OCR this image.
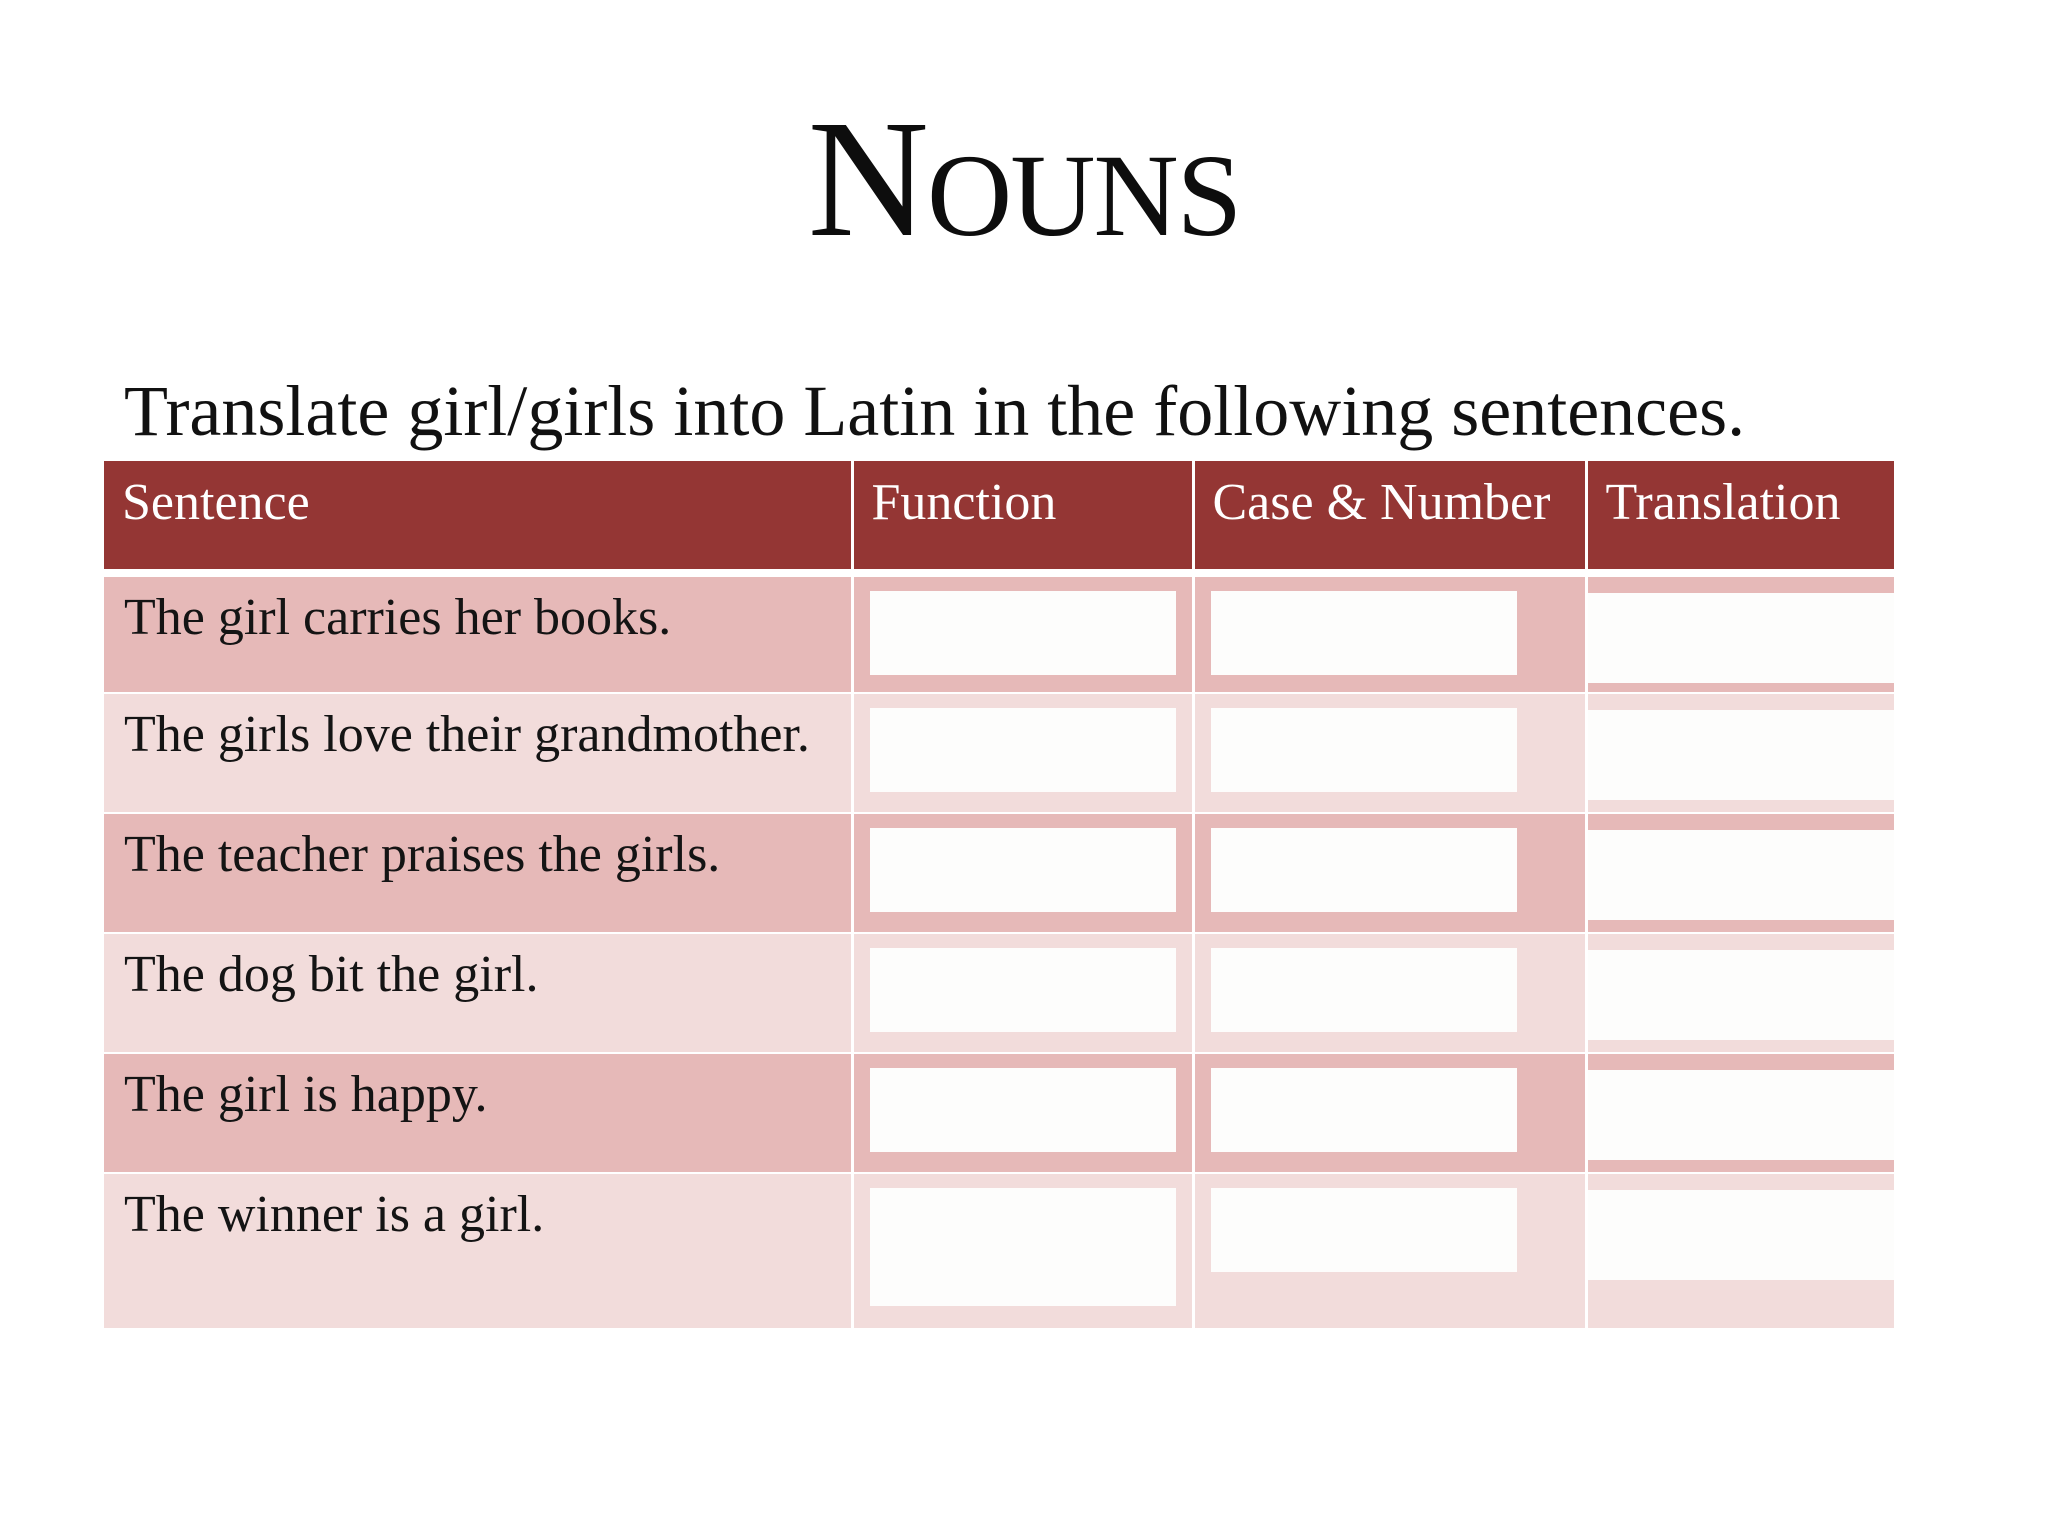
Nouns
Translate girl/girls into Latin in the following sentences.
Sentence	Function	Case & Number	Translation

The girl carries her books.

The girls love their grandmother.

The teacher praises the girls.

The dog bit the girl.

The girl is happy.

The winner is a girl.
